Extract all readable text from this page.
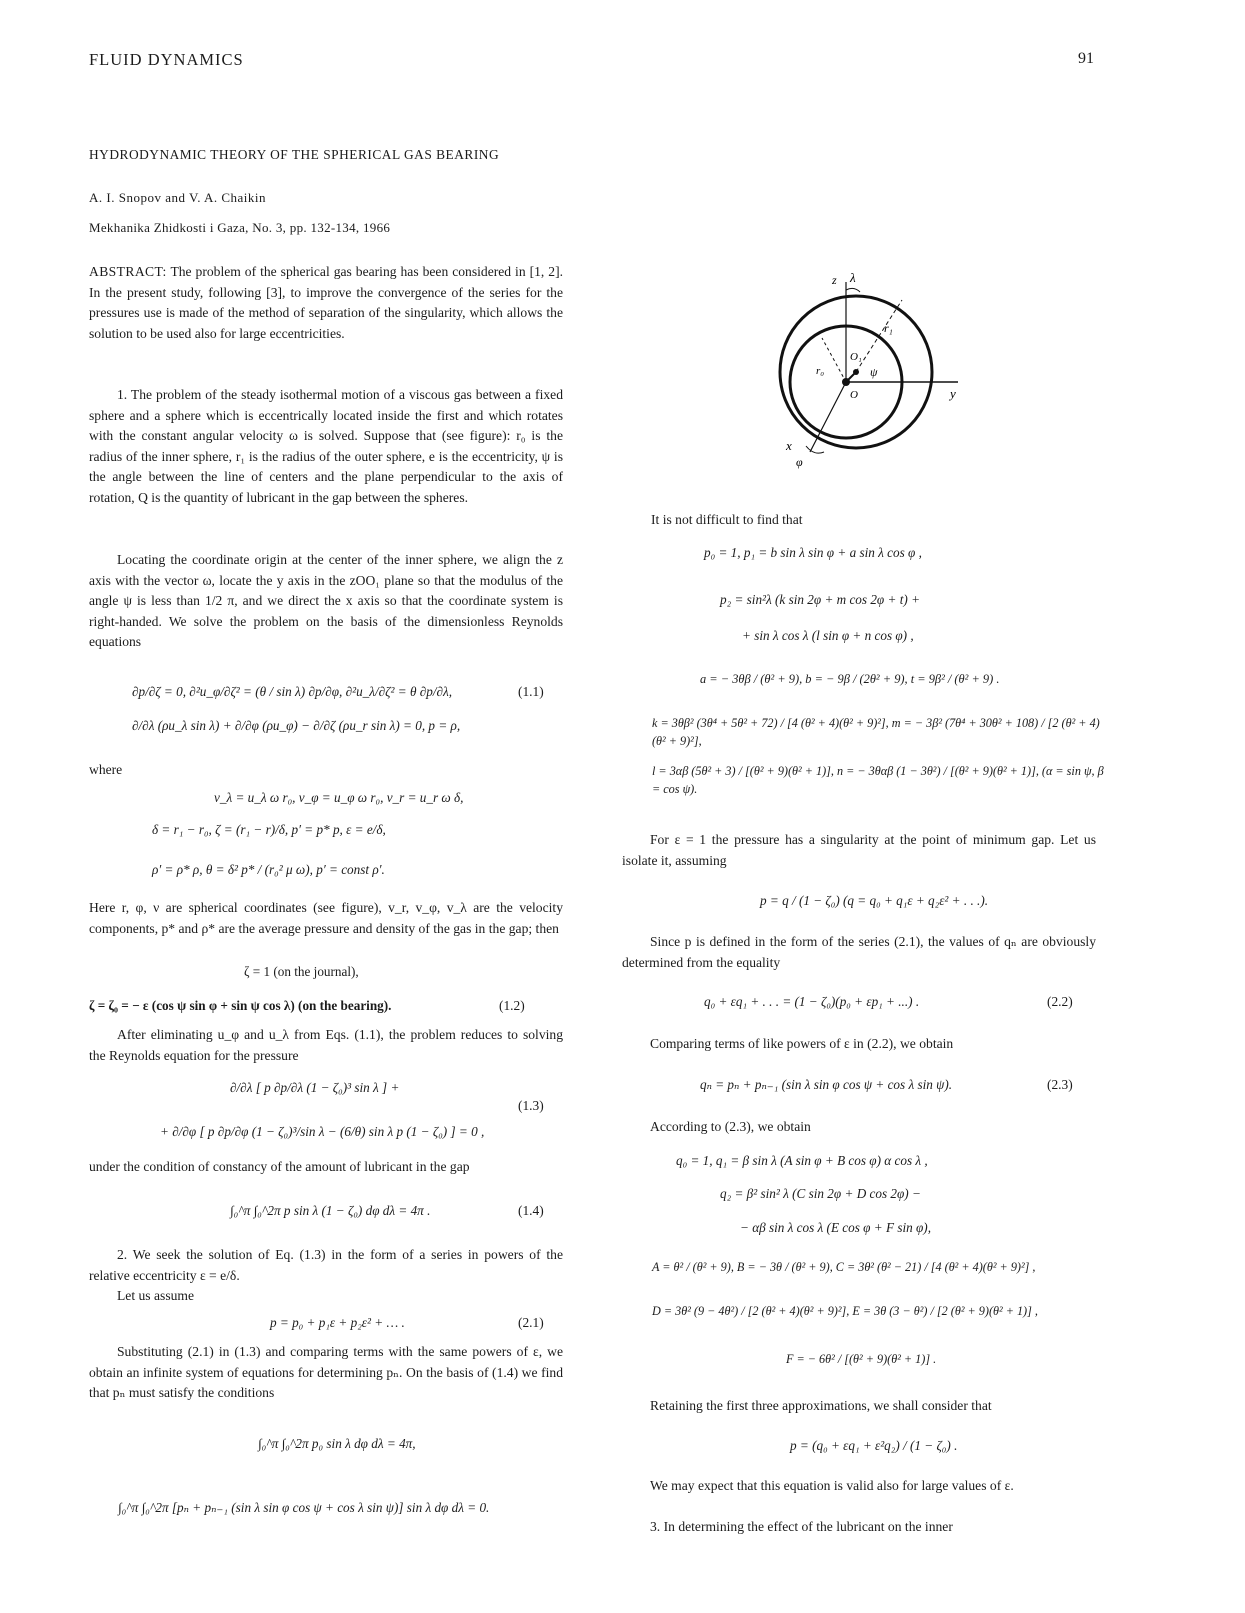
FLUID DYNAMICS	91
HYDRODYNAMIC THEORY OF THE SPHERICAL GAS BEARING
A. I. Snopov and V. A. Chaikin
Mekhanika Zhidkosti i Gaza, No. 3, pp. 132-134, 1966
ABSTRACT: The problem of the spherical gas bearing has been considered in [1, 2]. In the present study, following [3], to improve the convergence of the series for the pressures use is made of the method of separation of the singularity, which allows the solution to be used also for large eccentricities.
1. The problem of the steady isothermal motion of a viscous gas between a fixed sphere and a sphere which is eccentrically located inside the first and which rotates with the constant angular velocity ω is solved. Suppose that (see figure): r₀ is the radius of the inner sphere, r₁ is the radius of the outer sphere, e is the eccentricity, ψ is the angle between the line of centers and the plane perpendicular to the axis of rotation, Q is the quantity of lubricant in the gap between the spheres.
Locating the coordinate origin at the center of the inner sphere, we align the z axis with the vector ω, locate the y axis in the zOO₁ plane so that the modulus of the angle ψ is less than 1/2 π, and we direct the x axis so that the coordinate system is right-handed. We solve the problem on the basis of the dimensionless Reynolds equations
∂p/∂ζ = 0, ∂²u_φ/∂ζ² = (θ / sin λ) ∂p/∂φ, ∂²u_λ/∂ζ² = θ ∂p/∂λ,	(1.1)
∂/∂λ (ρu_λ sin λ) + ∂/∂φ (ρu_φ) − ∂/∂ζ (ρu_r sin λ) = 0, p = ρ,
where
v_λ = u_λ ω r₀, v_φ = u_φ ω r₀, v_r = u_r ω δ,
δ = r₁ − r₀, ζ = (r₁ − r)/δ, p′ = p* p, ε = e/δ,
ρ′ = ρ* ρ, θ = δ² p* / (r₀² μ ω), p′ = const ρ′.
Here r, φ, ν are spherical coordinates (see figure), v_r, v_φ, v_λ are the velocity components, p* and ρ* are the average pressure and density of the gas in the gap; then
ζ = 1 (on the journal),
ζ = ζ₀ = − ε (cos ψ sin φ + sin ψ cos λ) (on the bearing).	(1.2)
After eliminating u_φ and u_λ from Eqs. (1.1), the problem reduces to solving the Reynolds equation for the pressure
∂/∂λ [ p ∂p/∂λ (1 − ζ₀)³ sin λ ] +
(1.3)
+ ∂/∂φ [ p ∂p/∂φ (1 − ζ₀)³/sin λ − (6/θ) sin λ p (1 − ζ₀) ] = 0 ,
under the condition of constancy of the amount of lubricant in the gap
∫₀^π ∫₀^2π p sin λ (1 − ζ₀) dφ dλ = 4π .	(1.4)
2. We seek the solution of Eq. (1.3) in the form of a series in powers of the relative eccentricity ε = e/δ.
Let us assume
p = p₀ + p₁ε + p₂ε² + … .	(2.1)
Substituting (2.1) in (1.3) and comparing terms with the same powers of ε, we obtain an infinite system of equations for determining pₙ. On the basis of (1.4) we find that pₙ must satisfy the conditions
∫₀^π ∫₀^2π p₀ sin λ dφ dλ = 4π,
∫₀^π ∫₀^2π [pₙ + pₙ₋₁ (sin λ sin φ cos ψ + cos λ sin ψ)] sin λ dφ dλ = 0.
z λ
r₁
O₁
r₀	ψ
O	y
x
φ
It is not difficult to find that
p₀ = 1, p₁ = b sin λ sin φ + a sin λ cos φ ,
p₂ = sin²λ (k sin 2φ + m cos 2φ + t) +
+ sin λ cos λ (l sin φ + n cos φ) ,
a = − 3θβ / (θ² + 9), b = − 9β / (2θ² + 9), t = 9β² / (θ² + 9) .
k = 3θβ² (3θ⁴ + 5θ² + 72) / [4 (θ² + 4)(θ² + 9)²], m = − 3β² (7θ⁴ + 30θ² + 108) / [2 (θ² + 4)(θ² + 9)²],
l = 3αβ (5θ² + 3) / [(θ² + 9)(θ² + 1)], n = − 3θαβ (1 − 3θ²) / [(θ² + 9)(θ² + 1)], (α = sin ψ, β = cos ψ).
For ε = 1 the pressure has a singularity at the point of minimum gap. Let us isolate it, assuming
p = q / (1 − ζ₀) (q = q₀ + q₁ε + q₂ε² + . . .).
Since p is defined in the form of the series (2.1), the values of qₙ are obviously determined from the equality
q₀ + εq₁ + . . . = (1 − ζ₀)(p₀ + εp₁ + ...) .	(2.2)
Comparing terms of like powers of ε in (2.2), we obtain
qₙ = pₙ + pₙ₋₁ (sin λ sin φ cos ψ + cos λ sin ψ).	(2.3)
According to (2.3), we obtain
q₀ = 1, q₁ = β sin λ (A sin φ + B cos φ) α cos λ ,
q₂ = β² sin² λ (C sin 2φ + D cos 2φ) −
− αβ sin λ cos λ (E cos φ + F sin φ),
A = θ² / (θ² + 9), B = − 3θ / (θ² + 9), C = 3θ² (θ² − 21) / [4 (θ² + 4)(θ² + 9)²] ,
D = 3θ² (9 − 4θ²) / [2 (θ² + 4)(θ² + 9)²], E = 3θ (3 − θ²) / [2 (θ² + 9)(θ² + 1)] ,
F = − 6θ² / [(θ² + 9)(θ² + 1)] .
Retaining the first three approximations, we shall consider that
p = (q₀ + εq₁ + ε²q₂) / (1 − ζ₀) .
We may expect that this equation is valid also for large values of ε.
3. In determining the effect of the lubricant on the inner
